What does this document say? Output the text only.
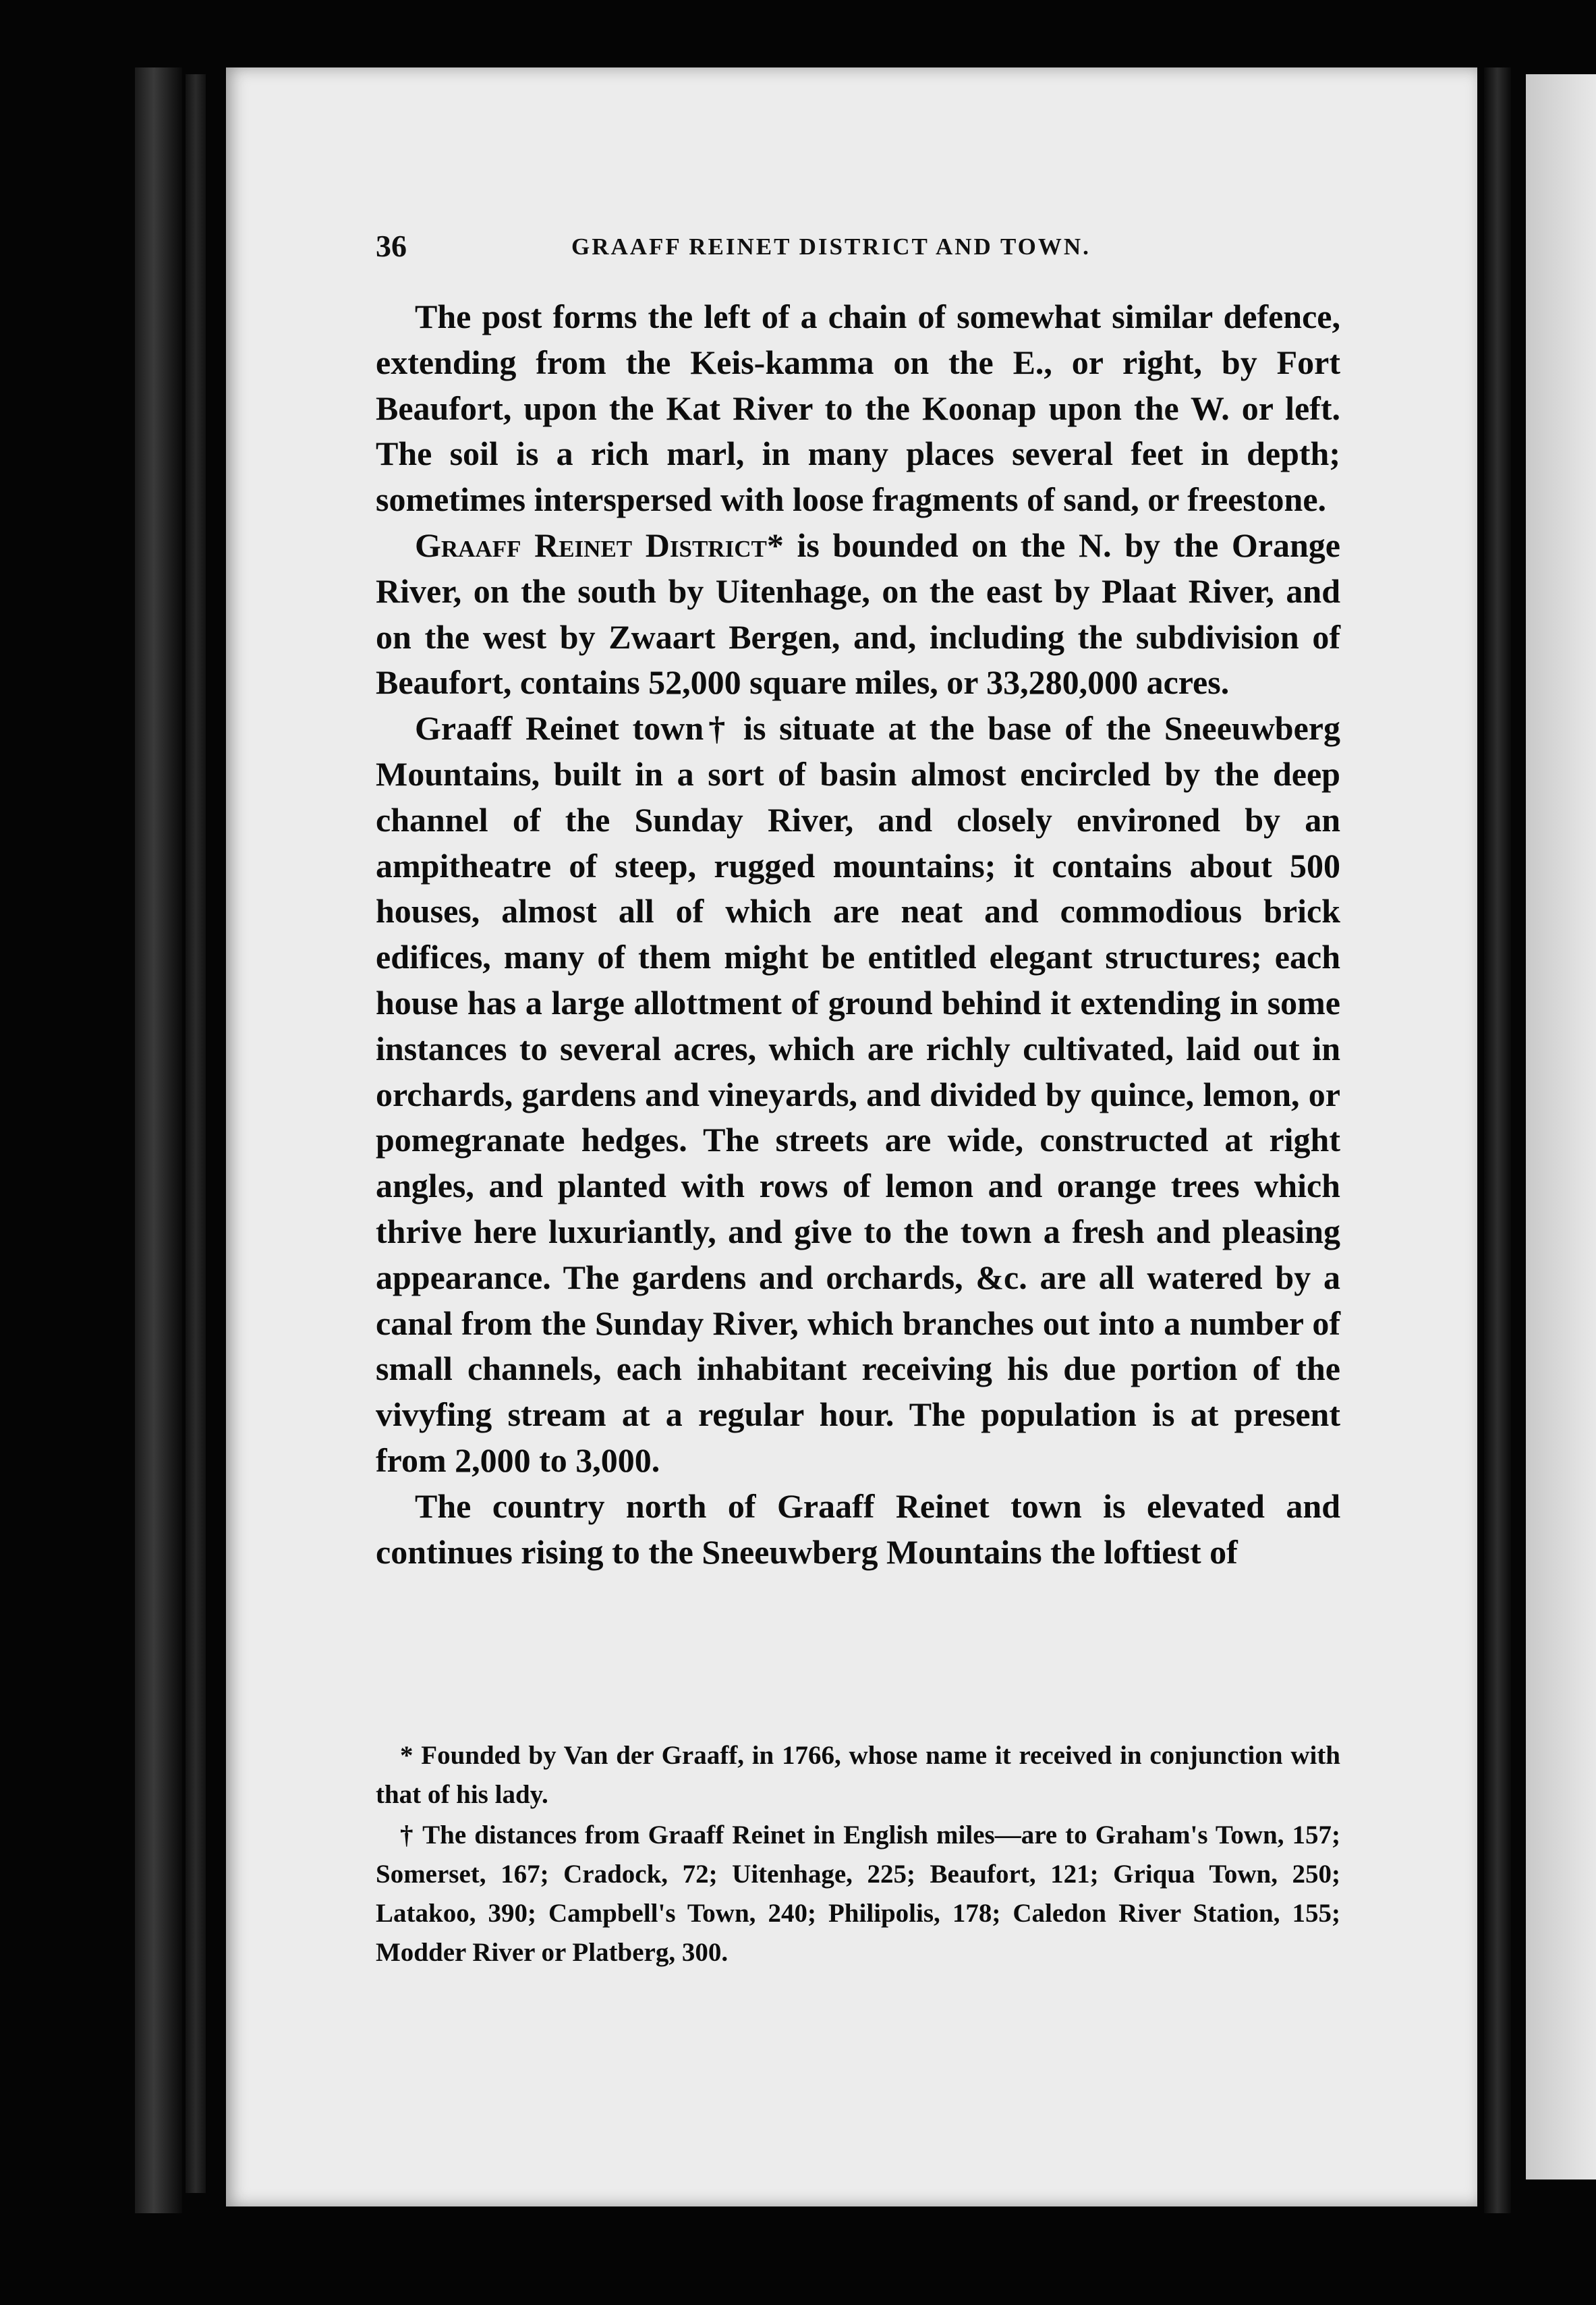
36	GRAAFF REINET DISTRICT AND TOWN.

The post forms the left of a chain of somewhat similar defence, extending from the Keis-kamma on the E., or right, by Fort Beaufort, upon the Kat River to the Koonap upon the W. or left. The soil is a rich marl, in many places several feet in depth; sometimes interspersed with loose fragments of sand, or freestone.

Graaff Reinet District* is bounded on the N. by the Orange River, on the south by Uitenhage, on the east by Plaat River, and on the west by Zwaart Bergen, and, including the subdivision of Beaufort, contains 52,000 square miles, or 33,280,000 acres.

Graaff Reinet town† is situate at the base of the Sneeuwberg Mountains, built in a sort of basin almost encircled by the deep channel of the Sunday River, and closely environed by an ampitheatre of steep, rugged mountains; it contains about 500 houses, almost all of which are neat and commodious brick edifices, many of them might be entitled elegant structures; each house has a large allottment of ground behind it extending in some instances to several acres, which are richly cultivated, laid out in orchards, gardens and vineyards, and divided by quince, lemon, or pomegranate hedges. The streets are wide, constructed at right angles, and planted with rows of lemon and orange trees which thrive here luxuriantly, and give to the town a fresh and pleasing appearance. The gardens and orchards, &c. are all watered by a canal from the Sunday River, which branches out into a number of small channels, each inhabitant receiving his due portion of the vivyfing stream at a regular hour. The population is at present from 2,000 to 3,000.

The country north of Graaff Reinet town is elevated and continues rising to the Sneeuwberg Mountains the loftiest of

* Founded by Van der Graaff, in 1766, whose name it received in conjunction with that of his lady.

† The distances from Graaff Reinet in English miles—are to Graham's Town, 157; Somerset, 167; Cradock, 72; Uitenhage, 225; Beaufort, 121; Griqua Town, 250; Latakoo, 390; Campbell's Town, 240; Philipolis, 178; Caledon River Station, 155; Modder River or Platberg, 300.
